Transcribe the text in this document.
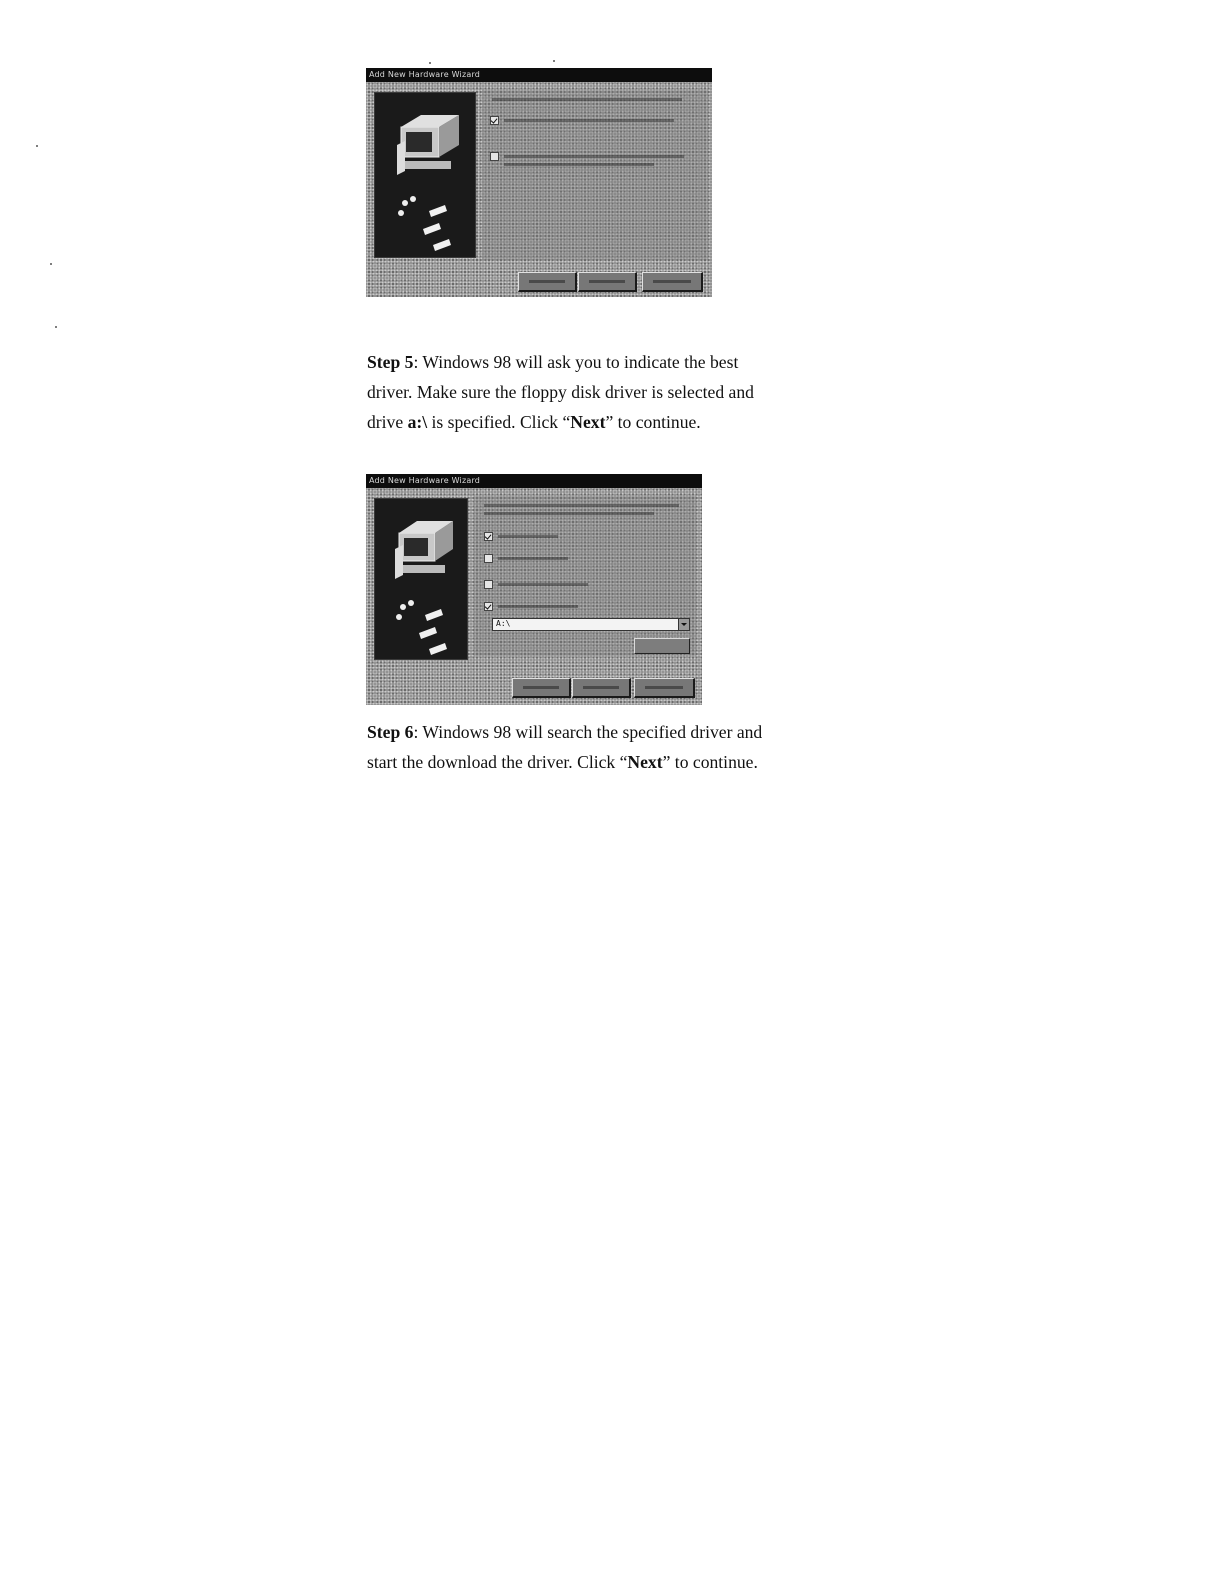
Add New Hardware Wizard

Step 5: Windows 98 will ask you to indicate the best driver. Make sure the floppy disk driver is selected and drive a:\ is specified. Click “Next” to continue.

Add New Hardware Wizard
A:\

Step 6: Windows 98 will search the specified driver and start the download the driver. Click “Next” to continue.
